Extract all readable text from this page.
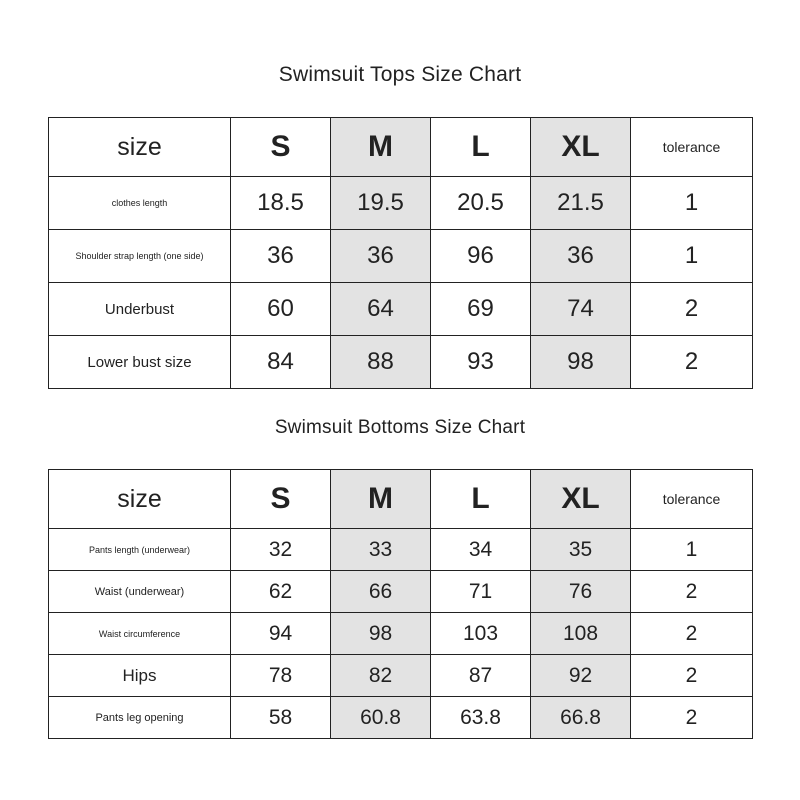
Swimsuit Tops Size Chart
size	S	M	L	XL	tolerance
clothes length	18.5	19.5	20.5	21.5	1
Shoulder strap length (one side)	36	36	96	36	1
Underbust	60	64	69	74	2
Lower bust size	84	88	93	98	2
Swimsuit Bottoms Size Chart
size	S	M	L	XL	tolerance
Pants length (underwear)	32	33	34	35	1
Waist (underwear)	62	66	71	76	2
Waist circumference	94	98	103	108	2
Hips	78	82	87	92	2
Pants leg opening	58	60.8	63.8	66.8	2
